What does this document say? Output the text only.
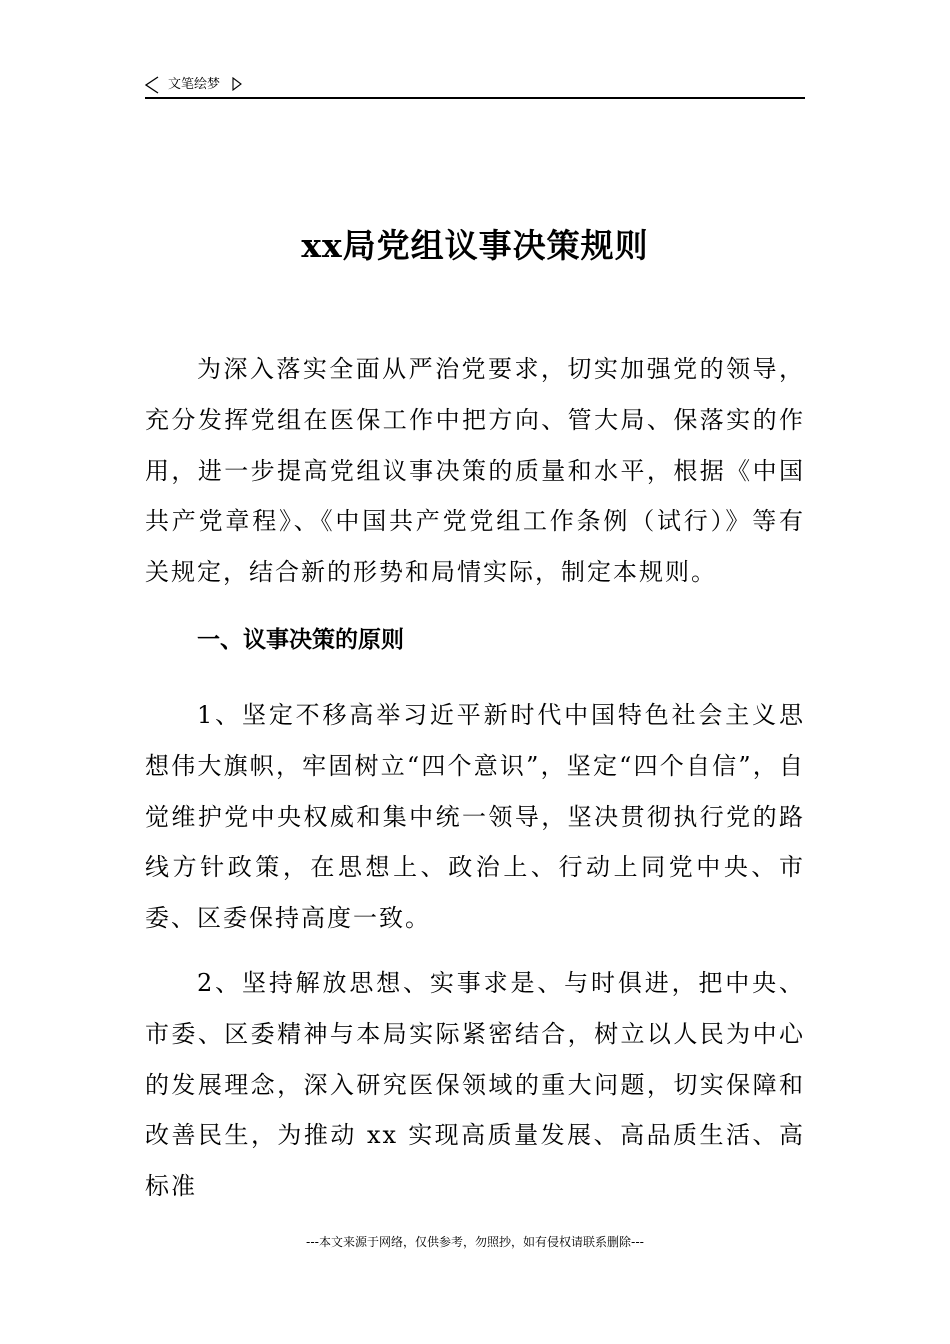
文笔绘梦
xx局党组议事决策规则

为深入落实全面从严治党要求，切实加强党的领导，充分发挥党组在医保工作中把方向、管大局、保落实的作用，进一步提高党组议事决策的质量和水平，根据《中国共产党章程》、《中国共产党党组工作条例（试行）》等有关规定，结合新的形势和局情实际，制定本规则。

一、议事决策的原则

1、坚定不移高举习近平新时代中国特色社会主义思想伟大旗帜，牢固树立“四个意识”，坚定“四个自信”，自觉维护党中央权威和集中统一领导，坚决贯彻执行党的路线方针政策，在思想上、政治上、行动上同党中央、市委、区委保持高度一致。

2、坚持解放思想、实事求是、与时俱进，把中央、市委、区委精神与本局实际紧密结合，树立以人民为中心的发展理念，深入研究医保领域的重大问题，切实保障和改善民生，为推动 xx 实现高质量发展、高品质生活、高标准

---本文来源于网络，仅供参考，勿照抄，如有侵权请联系删除---
